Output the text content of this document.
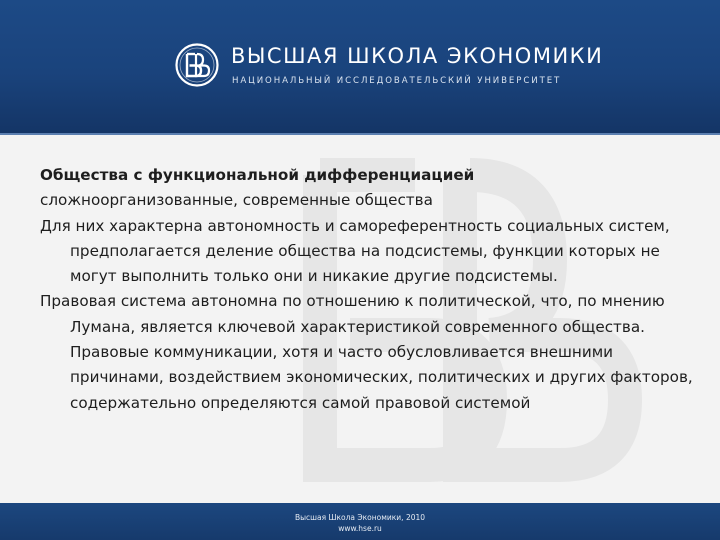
ВЫСШАЯ ШКОЛА ЭКОНОМИКИ
НАЦИОНАЛЬНЫЙ ИССЛЕДОВАТЕЛЬСКИЙ УНИВЕРСИТЕТ

Общества с функциональной дифференциацией
сложноорганизованные, современные общества

Для них характерна автономность и самореферентность социальных систем, предполагается деление общества на подсистемы, функции которых не могут выполнить только они и никакие другие подсистемы.

Правовая система автономна по отношению к политической, что, по мнению Лумана, является ключевой характеристикой современного общества. Правовые коммуникации, хотя и часто обусловливается внешними причинами, воздействием экономических, политических и других факторов, содержательно определяются самой правовой системой

Высшая Школа Экономики, 2010
www.hse.ru
